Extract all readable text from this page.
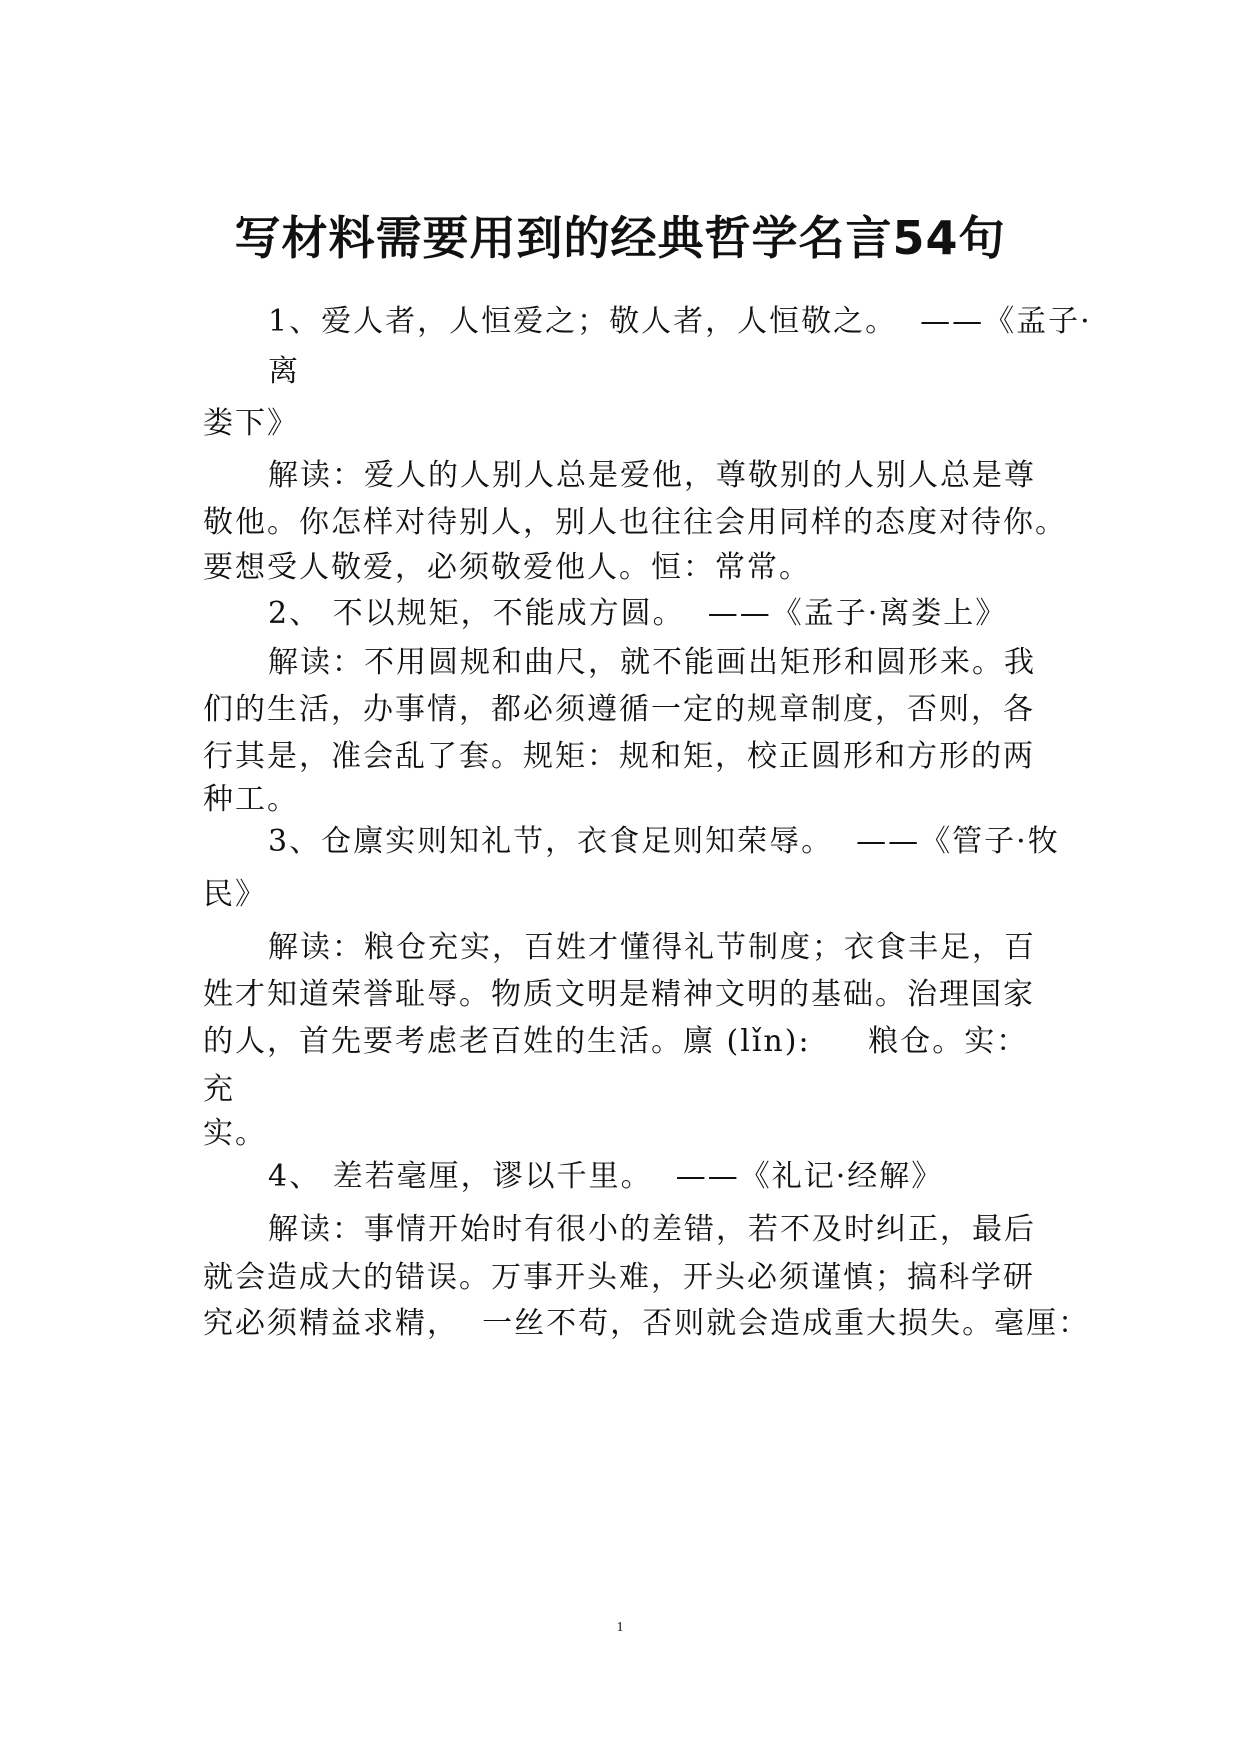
写材料需要用到的经典哲学名言54句
1、爱人者，人恒爱之；敬人者，人恒敬之。  ——《孟子·
离
娄下》
解读：爱人的人别人总是爱他，尊敬别的人别人总是尊
敬他。你怎样对待别人，别人也往往会用同样的态度对待你。
要想受人敬爱，必须敬爱他人。恒：常常。
2、 不以规矩，不能成方圆。  ——《孟子·离娄上》
解读：不用圆规和曲尺，就不能画出矩形和圆形来。我
们的生活，办事情，都必须遵循一定的规章制度，否则，各
行其是，准会乱了套。规矩：规和矩，校正圆形和方形的两
种工。
3、仓廪实则知礼节，衣食足则知荣辱。  ——《管子·牧
民》
解读：粮仓充实，百姓才懂得礼节制度；衣食丰足，百
姓才知道荣誉耻辱。物质文明是精神文明的基础。治理国家
的人，首先要考虑老百姓的生活。廪 (lǐn):     粮仓。实：
充
实。
4、 差若毫厘，谬以千里。  ——《礼记·经解》
解读：事情开始时有很小的差错，若不及时纠正，最后
就会造成大的错误。万事开头难，开头必须谨慎；搞科学研
究必须精益求精，  一丝不苟，否则就会造成重大损失。毫厘：
1
